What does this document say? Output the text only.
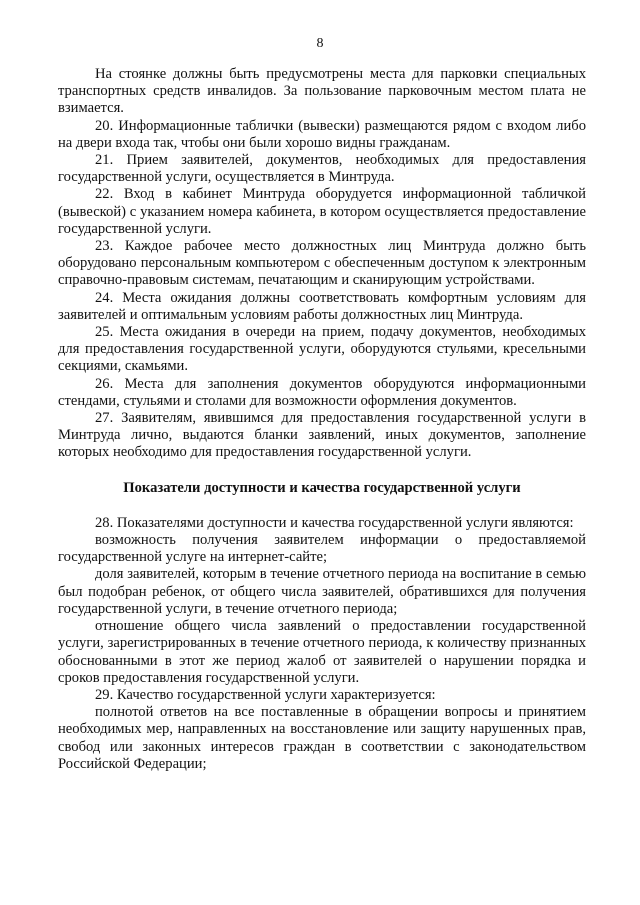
8

На стоянке должны быть предусмотрены места для парковки специальных транспортных средств инвалидов. За пользование парковочным местом плата не взимается.

20. Информационные таблички (вывески) размещаются рядом с входом либо на двери входа так, чтобы они были хорошо видны гражданам.

21. Прием заявителей, документов, необходимых для предоставления государственной услуги, осуществляется в Минтруда.

22. Вход в кабинет Минтруда оборудуется информационной табличкой (вывеской) с указанием номера кабинета, в котором осуществляется предоставление государственной услуги.

23. Каждое рабочее место должностных лиц Минтруда должно быть оборудовано персональным компьютером с обеспеченным доступом к электронным справочно-правовым системам, печатающим и сканирующим устройствами.

24. Места ожидания должны соответствовать комфортным условиям для заявителей и оптимальным условиям работы должностных лиц Минтруда.

25. Места ожидания в очереди на прием, подачу документов, необходимых для предоставления государственной услуги, оборудуются стульями, кресельными секциями, скамьями.

26. Места для заполнения документов оборудуются информационными стендами, стульями и столами для возможности оформления документов.

27. Заявителям, явившимся для предоставления государственной услуги в Минтруда лично, выдаются бланки заявлений, иных документов, заполнение которых необходимо для предоставления государственной услуги.

Показатели доступности и качества государственной услуги

28. Показателями доступности и качества государственной услуги являются:

возможность получения заявителем информации о предоставляемой государственной услуге на интернет-сайте;

доля заявителей, которым в течение отчетного периода на воспитание в семью был подобран ребенок, от общего числа заявителей, обратившихся для получения государственной услуги, в течение отчетного периода;

отношение общего числа заявлений о предоставлении государственной услуги, зарегистрированных в течение отчетного периода, к количеству признанных обоснованными в этот же период жалоб от заявителей о нарушении порядка и сроков предоставления государственной услуги.

29. Качество государственной услуги характеризуется:

полнотой ответов на все поставленные в обращении вопросы и принятием необходимых мер, направленных на восстановление или защиту нарушенных прав, свобод или законных интересов граждан в соответствии с законодательством Российской Федерации;
